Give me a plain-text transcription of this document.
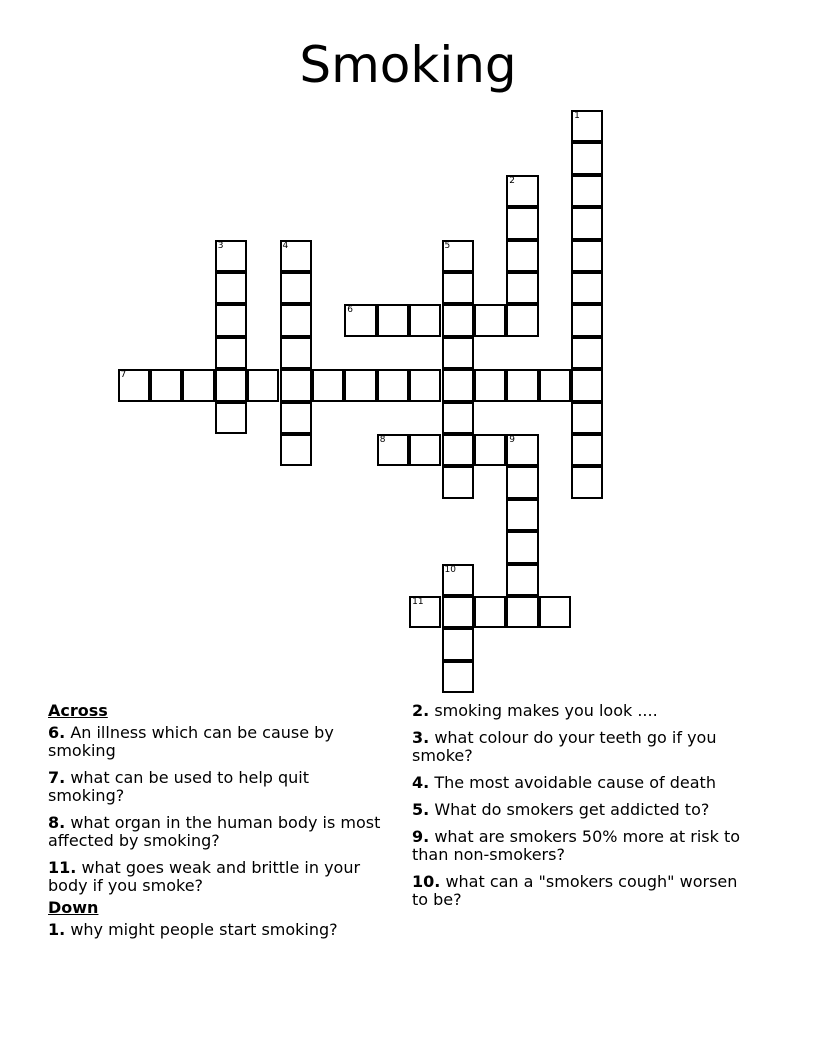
Smoking
1
2
3	4	5
6
7
8	9
10
11
Across
6. An illness which can be cause by smoking
7. what can be used to help quit smoking?
8. what organ in the human body is most affected by smoking?
11. what goes weak and brittle in your body if you smoke?
Down
1. why might people start smoking?
2. smoking makes you look ....
3. what colour do your teeth go if you smoke?
4. The most avoidable cause of death
5. What do smokers get addicted to?
9. what are smokers 50% more at risk to than non-smokers?
10. what can a "smokers cough" worsen to be?
